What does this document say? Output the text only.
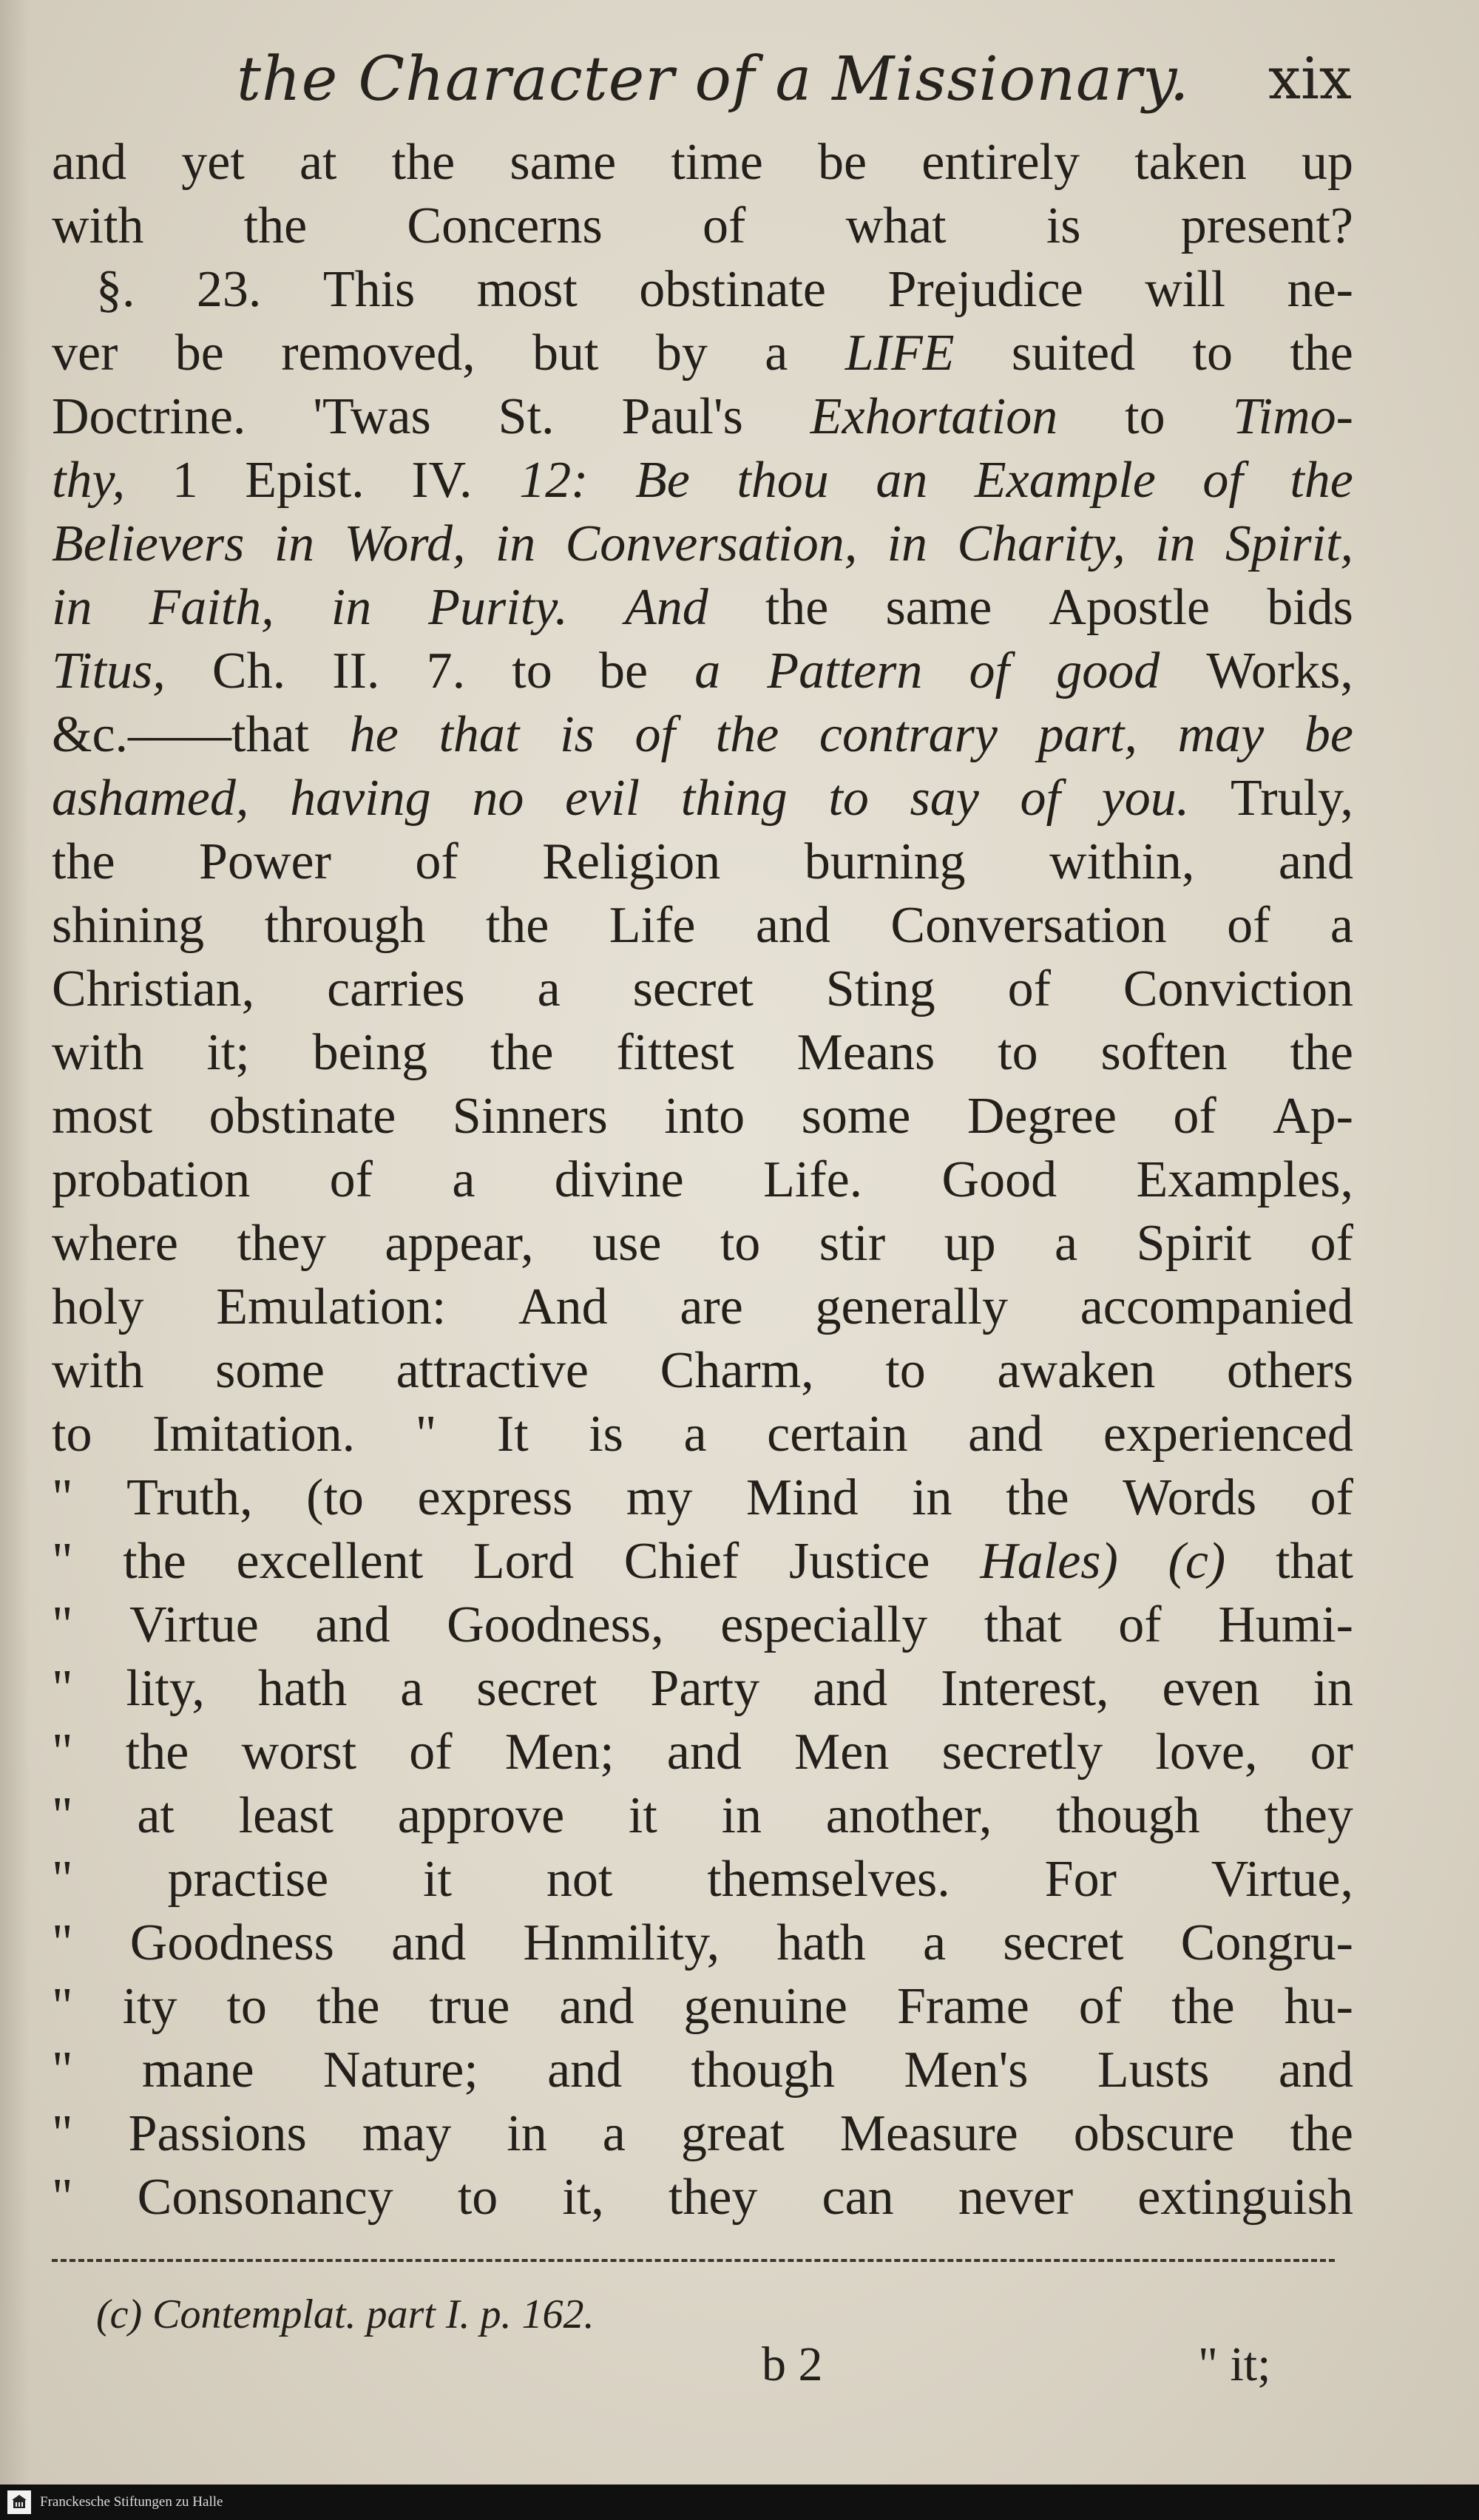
the Character of a Missionary. xix
and yet at the same time be entirely taken up
with the Concerns of what is present?
§. 23. This most obstinate Prejudice will ne-
ver be removed, but by a LIFE suited to the
Doctrine. 'Twas St. Paul's Exhortation to Timo-
thy, 1 Epist. IV. 12: Be thou an Example of the
Believers in Word, in Conversation, in Charity, in Spirit,
in Faith, in Purity. And the same Apostle bids
Titus, Ch. II. 7. to be a Pattern of good Works,
&c.——that he that is of the contrary part, may be
ashamed, having no evil thing to say of you. Truly,
the Power of Religion burning within, and
shining through the Life and Conversation of a
Christian, carries a secret Sting of Conviction
with it; being the fittest Means to soften the
most obstinate Sinners into some Degree of Ap-
probation of a divine Life. Good Examples,
where they appear, use to stir up a Spirit of
holy Emulation: And are generally accompanied
with some attractive Charm, to awaken others
to Imitation. " It is a certain and experienced
" Truth, (to express my Mind in the Words of
" the excellent Lord Chief Justice Hales) (c) that
" Virtue and Goodness, especially that of Humi-
" lity, hath a secret Party and Interest, even in
" the worst of Men; and Men secretly love, or
" at least approve it in another, though they
" practise it not themselves. For Virtue,
" Goodness and Hnmility, hath a secret Congru-
" ity to the true and genuine Frame of the hu-
" mane Nature; and though Men's Lusts and
" Passions may in a great Measure obscure the
" Consonancy to it, they can never extinguish
(c) Contemplat. part I. p. 162.
b 2	" it;
Franckesche Stiftungen zu Halle
